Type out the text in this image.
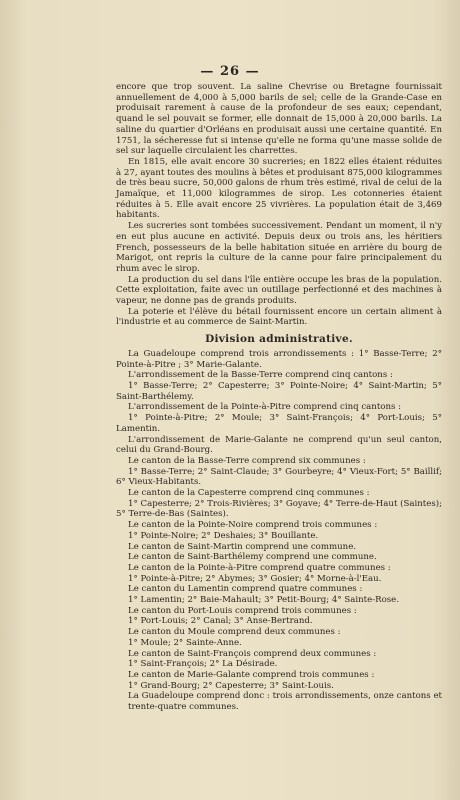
— 26 —

encore que trop souvent. La saline Chevrise ou Bretagne fournissait annuellement de 4,000 à 5,000 barils de sel; celle de la Grande-Case en produisait rarement à cause de la profondeur de ses eaux; cependant, quand le sel pouvait se former, elle donnait de 15,000 à 20,000 barils. La saline du quartier d'Orléans en produisait aussi une certaine quantité. En 1751, la sécheresse fut si intense qu'elle ne forma qu'une masse solide de sel sur laquelle circulaient les charrettes.

En 1815, elle avait encore 30 sucreries; en 1822 elles étaient réduites à 27, ayant toutes des moulins à bêtes et produisant 875,000 kilogrammes de très beau sucre, 50,000 galons de rhum très estimé, rival de celui de la Jamaïque, et 11,000 kilogrammes de sirop. Les cotonneries étaient réduites à 5. Elle avait encore 25 vivrières. La population était de 3,469 habitants.

Les sucreries sont tombées successivement. Pendant un moment, il n'y en eut plus aucune en activité. Depuis deux ou trois ans, les héritiers French, possesseurs de la belle habitation située en arrière du bourg de Marigot, ont repris la culture de la canne pour faire principalement du rhum avec le sirop.

La production du sel dans l'île entière occupe les bras de la population. Cette exploitation, faite avec un outillage perfectionné et des machines à vapeur, ne donne pas de grands produits.

La poterie et l'élève du bétail fournissent encore un certain aliment à l'industrie et au commerce de Saint-Martin.

Division administrative.

La Guadeloupe comprend trois arrondissements : 1° Basse-Terre; 2° Pointe-à-Pitre ; 3° Marie-Galante.

L'arrondissement de la Basse-Terre comprend cinq cantons :

1° Basse-Terre; 2° Capesterre; 3° Pointe-Noire; 4° Saint-Martin; 5° Saint-Barthélemy.

L'arrondissement de la Pointe-à-Pitre comprend cinq cantons :

1° Pointe-à-Pitre; 2° Moule; 3° Saint-François; 4° Port-Louis; 5° Lamentin.

L'arrondissement de Marie-Galante ne comprend qu'un seul canton, celui du Grand-Bourg.

Le canton de la Basse-Terre comprend six communes :

1° Basse-Terre; 2° Saint-Claude; 3° Gourbeyre; 4° Vieux-Fort; 5° Baillif; 6° Vieux-Habitants.

Le canton de la Capesterre comprend cinq communes :

1° Capesterre; 2° Trois-Rivières; 3° Goyave; 4° Terre-de-Haut (Saintes); 5° Terre-de-Bas (Saintes).

Le canton de la Pointe-Noire comprend trois communes :

1° Pointe-Noire; 2° Deshaies; 3° Bouillante.

Le canton de Saint-Martin comprend une commune.

Le canton de Saint-Barthélemy comprend une commune.

Le canton de la Pointe-à-Pitre comprend quatre communes :

1° Pointe-à-Pitre; 2° Abymes; 3° Gosier; 4° Morne-à-l'Eau.

Le canton du Lamentin comprend quatre communes :

1° Lamentin; 2° Baie-Mahault; 3° Petit-Bourg; 4° Sainte-Rose.

Le canton du Port-Louis comprend trois communes :

1° Port-Louis; 2° Canal; 3° Anse-Bertrand.

Le canton du Moule comprend deux communes :

1° Moule; 2° Sainte-Anne.

Le canton de Saint-François comprend deux communes :

1° Saint-François; 2° La Désirade.

Le canton de Marie-Galante comprend trois communes :

1° Grand-Bourg; 2° Capesterre; 3° Saint-Louis.

La Guadeloupe comprend donc : trois arrondissements, onze cantons et trente-quatre communes.
